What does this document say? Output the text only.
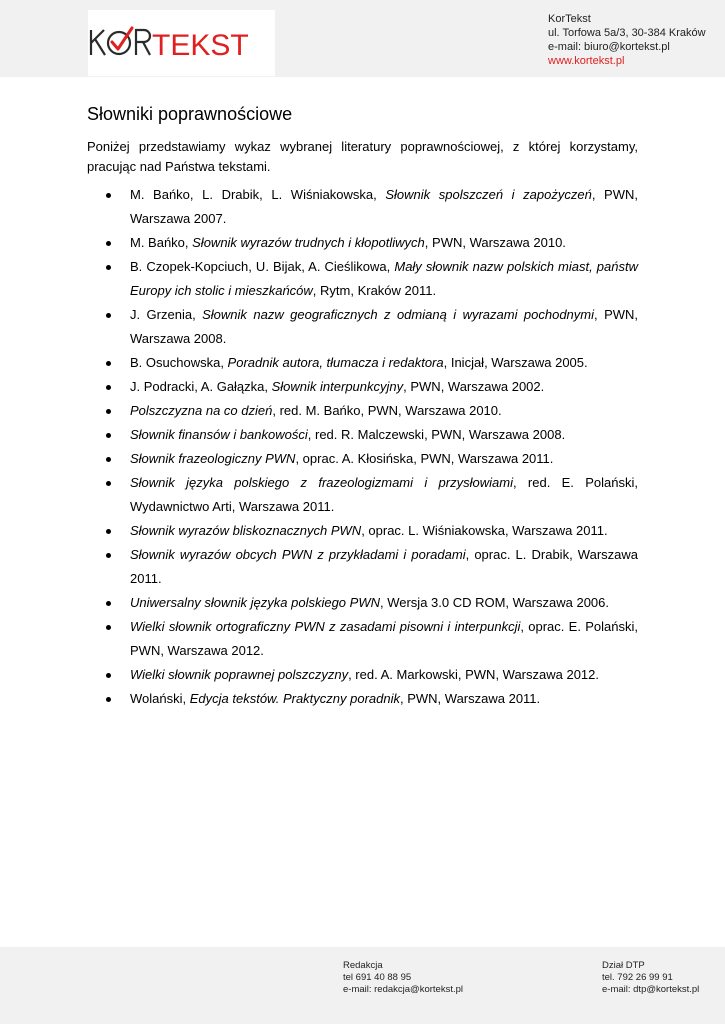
TEKST
KorTekst
ul. Torfowa 5a/3, 30-384 Kraków
e-mail: biuro@kortekst.pl
www.kortekst.pl
Słowniki poprawnościowe

Poniżej przedstawiamy wykaz wybranej literatury poprawnościowej, z której korzystamy, pracując nad Państwa tekstami.

M. Bańko, L. Drabik, L. Wiśniakowska, Słownik spolszczeń i zapożyczeń, PWN, Warszawa 2007.
M. Bańko, Słownik wyrazów trudnych i kłopotliwych, PWN, Warszawa 2010.
B. Czopek-Kopciuch, U. Bijak, A. Cieślikowa, Mały słownik nazw polskich miast, państw Europy ich stolic i mieszkańców, Rytm, Kraków 2011.
J. Grzenia, Słownik nazw geograficznych z odmianą i wyrazami pochodnymi, PWN, Warszawa 2008.
B. Osuchowska, Poradnik autora, tłumacza i redaktora, Inicjał, Warszawa 2005.
J. Podracki, A. Gałązka, Słownik interpunkcyjny, PWN, Warszawa 2002.
Polszczyzna na co dzień, red. M. Bańko, PWN, Warszawa 2010.
Słownik finansów i bankowości, red. R. Malczewski, PWN, Warszawa 2008.
Słownik frazeologiczny PWN, oprac. A. Kłosińska, PWN, Warszawa 2011.
Słownik języka polskiego z frazeologizmami i przysłowiami, red. E. Polański, Wydawnictwo Arti, Warszawa 2011.
Słownik wyrazów bliskoznacznych PWN, oprac. L. Wiśniakowska, Warszawa 2011.
Słownik wyrazów obcych PWN z przykładami i poradami, oprac. L. Drabik, Warszawa 2011.
Uniwersalny słownik języka polskiego PWN, Wersja 3.0 CD ROM, Warszawa 2006.
Wielki słownik ortograficzny PWN z zasadami pisowni i interpunkcji, oprac. E. Polański, PWN, Warszawa 2012.
Wielki słownik poprawnej polszczyzny, red. A. Markowski, PWN, Warszawa 2012.
Wolański, Edycja tekstów. Praktyczny poradnik, PWN, Warszawa 2011.
Redakcja
tel 691 40 88 95
e-mail: redakcja@kortekst.pl
Dział DTP
tel. 792 26 99 91
e-mail: dtp@kortekst.pl
